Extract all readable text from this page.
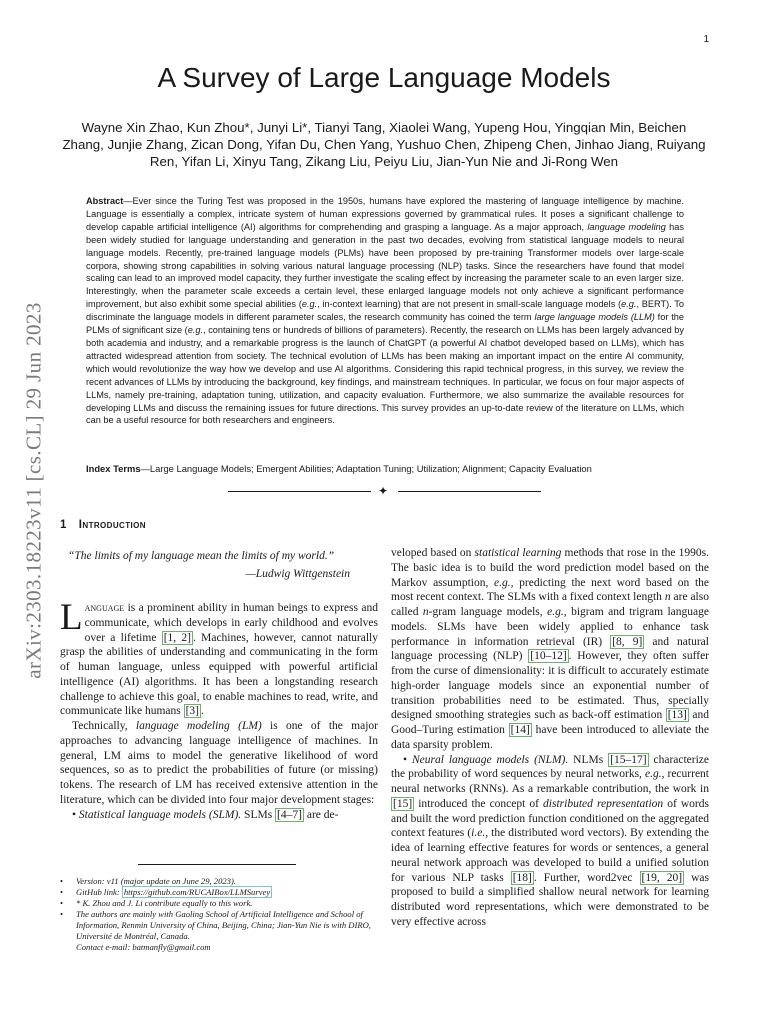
1
arXiv:2303.18223v11 [cs.CL] 29 Jun 2023
A Survey of Large Language Models
Wayne Xin Zhao, Kun Zhou*, Junyi Li*, Tianyi Tang, Xiaolei Wang, Yupeng Hou, Yingqian Min, Beichen Zhang, Junjie Zhang, Zican Dong, Yifan Du, Chen Yang, Yushuo Chen, Zhipeng Chen, Jinhao Jiang, Ruiyang Ren, Yifan Li, Xinyu Tang, Zikang Liu, Peiyu Liu, Jian-Yun Nie and Ji-Rong Wen
Abstract—Ever since the Turing Test was proposed in the 1950s, humans have explored the mastering of language intelligence by machine. Language is essentially a complex, intricate system of human expressions governed by grammatical rules. It poses a significant challenge to develop capable artificial intelligence (AI) algorithms for comprehending and grasping a language. As a major approach, language modeling has been widely studied for language understanding and generation in the past two decades, evolving from statistical language models to neural language models. Recently, pre-trained language models (PLMs) have been proposed by pre-training Transformer models over large-scale corpora, showing strong capabilities in solving various natural language processing (NLP) tasks. Since the researchers have found that model scaling can lead to an improved model capacity, they further investigate the scaling effect by increasing the parameter scale to an even larger size. Interestingly, when the parameter scale exceeds a certain level, these enlarged language models not only achieve a significant performance improvement, but also exhibit some special abilities (e.g., in-context learning) that are not present in small-scale language models (e.g., BERT). To discriminate the language models in different parameter scales, the research community has coined the term large language models (LLM) for the PLMs of significant size (e.g., containing tens or hundreds of billions of parameters). Recently, the research on LLMs has been largely advanced by both academia and industry, and a remarkable progress is the launch of ChatGPT (a powerful AI chatbot developed based on LLMs), which has attracted widespread attention from society. The technical evolution of LLMs has been making an important impact on the entire AI community, which would revolutionize the way how we develop and use AI algorithms. Considering this rapid technical progress, in this survey, we review the recent advances of LLMs by introducing the background, key findings, and mainstream techniques. In particular, we focus on four major aspects of LLMs, namely pre-training, adaptation tuning, utilization, and capacity evaluation. Furthermore, we also summarize the available resources for developing LLMs and discuss the remaining issues for future directions. This survey provides an up-to-date review of the literature on LLMs, which can be a useful resource for both researchers and engineers.
Index Terms—Large Language Models; Emergent Abilities; Adaptation Tuning; Utilization; Alignment; Capacity Evaluation
✦
1 Introduction
“The limits of my language mean the limits of my world.”
—Ludwig Wittgenstein

Language is a prominent ability in human beings to express and communicate, which develops in early childhood and evolves over a lifetime [1, 2] . Machines, however, cannot naturally grasp the abilities of understanding and communicating in the form of human language, unless equipped with powerful artificial intelligence (AI) algorithms. It has been a longstanding research challenge to achieve this goal, to enable machines to read, write, and communicate like humans [3] .

Technically, language modeling (LM) is one of the major approaches to advancing language intelligence of machines. In general, LM aims to model the generative likelihood of word sequences, so as to predict the probabilities of future (or missing) tokens. The research of LM has received extensive attention in the literature, which can be divided into four major development stages:

• Statistical language models (SLM). SLMs [4–7] are de-

veloped based on statistical learning methods that rose in the 1990s. The basic idea is to build the word prediction model based on the Markov assumption, e.g., predicting the next word based on the most recent context. The SLMs with a fixed context length n are also called n-gram language models, e.g., bigram and trigram language models. SLMs have been widely applied to enhance task performance in information retrieval (IR) [8, 9] and natural language processing (NLP) [10–12] . However, they often suffer from the curse of dimensionality: it is difficult to accurately estimate high-order language models since an exponential number of transition probabilities need to be estimated. Thus, specially designed smoothing strategies such as back-off estimation [13] and Good–Turing estimation [14] have been introduced to alleviate the data sparsity problem.

• Neural language models (NLM). NLMs [15–17] characterize the probability of word sequences by neural networks, e.g., recurrent neural networks (RNNs). As a remarkable contribution, the work in [15] introduced the concept of distributed representation of words and built the word prediction function conditioned on the aggregated context features (i.e., the distributed word vectors). By extending the idea of learning effective features for words or sentences, a general neural network approach was developed to build a unified solution for various NLP tasks [18] . Further, word2vec [19, 20] was proposed to build a simplified shallow neural network for learning distributed word representations, which were demonstrated to be very effective across

• Version: v11 (major update on June 29, 2023).
• GitHub link: https://github.com/RUCAIBox/LLMSurvey
• * K. Zhou and J. Li contribute equally to this work.
• The authors are mainly with Gaoling School of Artificial Intelligence and School of Information, Renmin University of China, Beijing, China; Jian-Yun Nie is with DIRO, Université de Montréal, Canada.
Contact e-mail: batmanfly@gmail.com
